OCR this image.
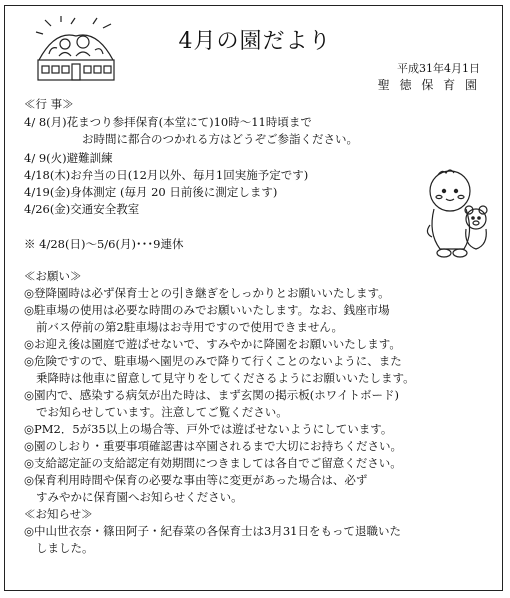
4月の園だより
平成31年4月1日
聖 徳 保 育 園
≪行 事≫
4/ 8(月)花まつり参拝保育(本堂にて)10時～11時頃まで
お時間に都合のつかれる方はどうぞご参詣ください。
4/ 9(火)避難訓練
4/18(木)お弁当の日(12月以外、毎月1回実施予定です)
4/19(金)身体測定 (毎月 20 日前後に測定します)
4/26(金)交通安全教室
※ 4/28(日)～5/6(月)･･･9連休
≪お願い≫
◎登降園時は必ず保育士との引き継ぎをしっかりとお願いいたします。
◎駐車場の使用は必要な時間のみでお願いいたします。なお、銭座市場
前バス停前の第2駐車場はお寺用ですので使用できません。
◎お迎え後は園庭で遊ばせないで、すみやかに降園をお願いいたします。
◎危険ですので、駐車場へ園児のみで降りて行くことのないように、また
乗降時は他車に留意して見守りをしてくださるようにお願いいたします。
◎園内で、感染する病気が出た時は、まず玄関の掲示板(ホワイトボード)
でお知らせしています。注意してご覧ください。
◎PM2．5が35以上の場合等、戸外では遊ばせないようにしています。
◎園のしおり・重要事項確認書は卒園されるまで大切にお持ちください。
◎支給認定証の支給認定有効期間につきましては各自でご留意ください。
◎保育利用時間や保育の必要な事由等に変更があった場合は、必ず
すみやかに保育園へお知らせください。
≪お知らせ≫
◎中山世衣奈・篠田阿子・紀春菜の各保育士は3月31日をもって退職いた
しました。
